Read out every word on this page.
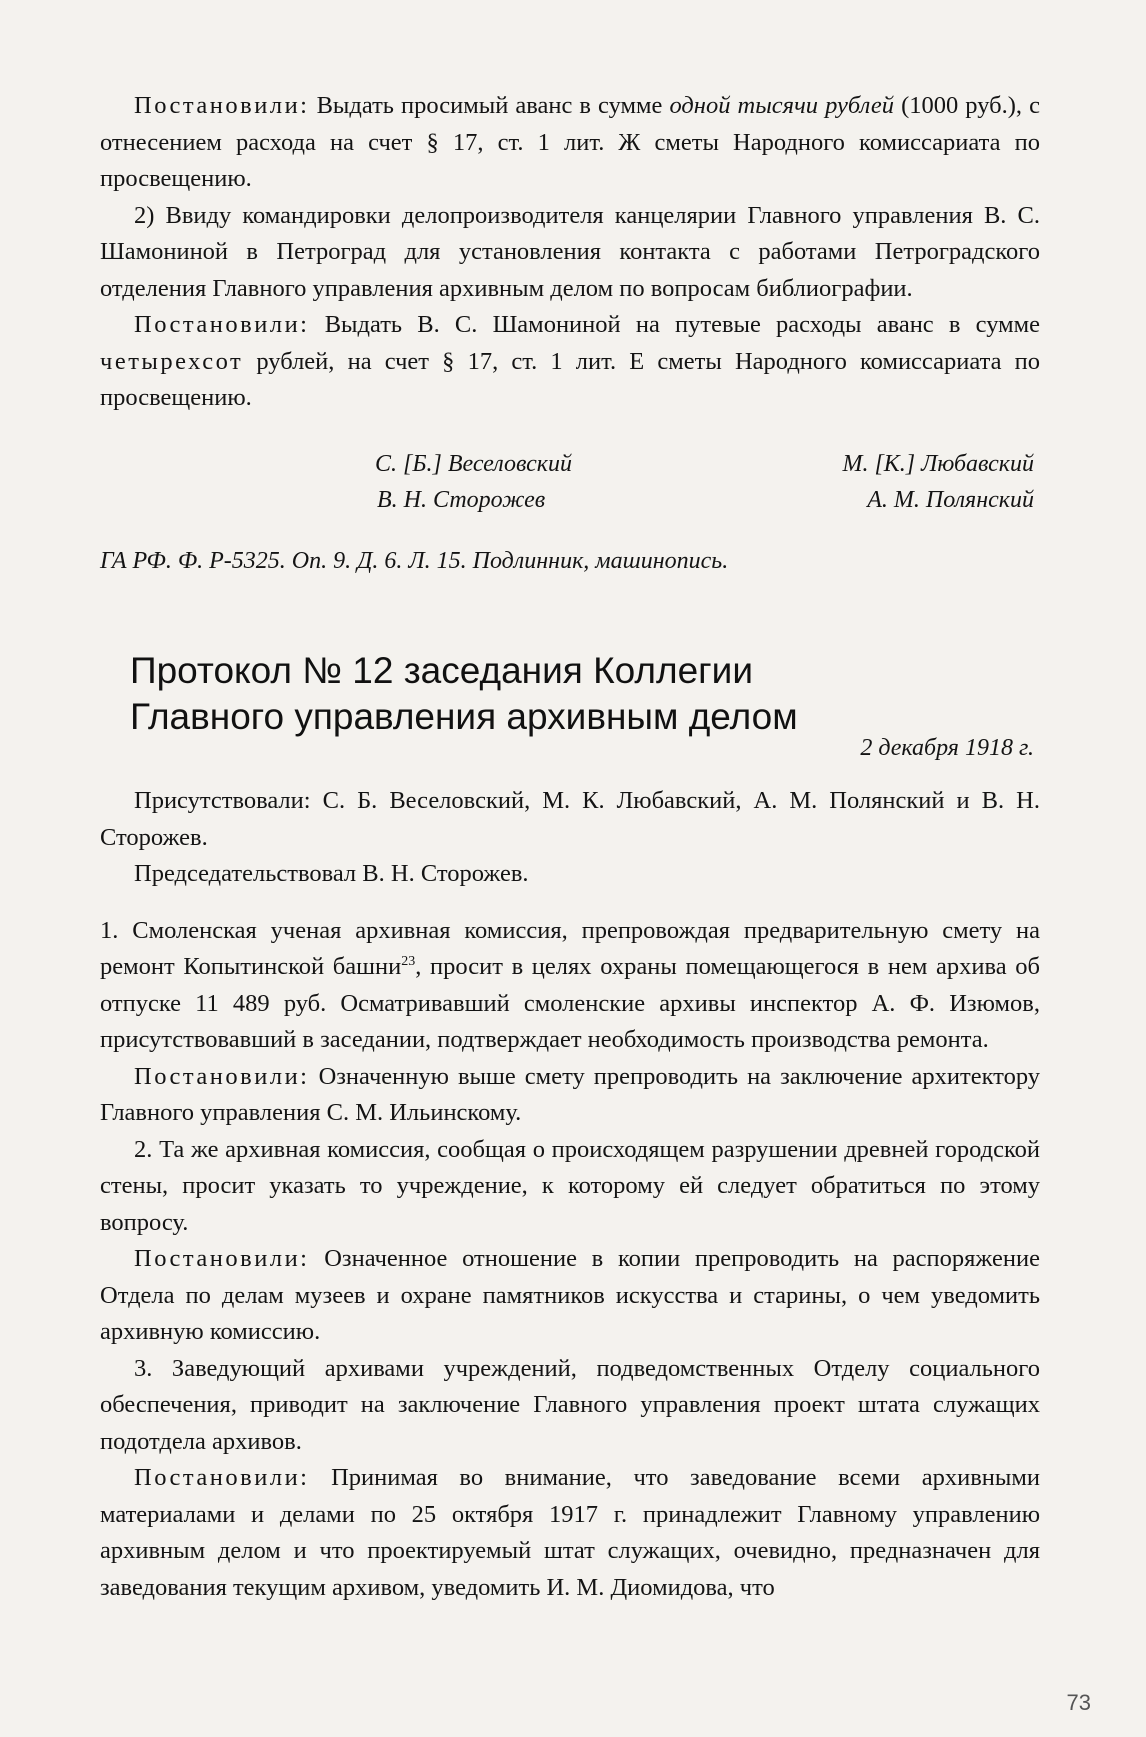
Постановили: Выдать просимый аванс в сумме одной тысячи рублей (1000 руб.), с отнесением расхода на счет § 17, ст. 1 лит. Ж сметы Народного комиссариата по просвещению.

2) Ввиду командировки делопроизводителя канцелярии Главного управления В. С. Шамониной в Петроград для установления контакта с работами Петроградского отделения Главного управления архивным делом по вопросам библиографии.

Постановили: Выдать В. С. Шамониной на путевые расходы аванс в сумме четырехсот рублей, на счет § 17, ст. 1 лит. Е сметы Народного комиссариата по просвещению.

С. [Б.] Веселовский	М. [К.] Любавский
В. Н. Сторожев	А. М. Полянский
ГА РФ. Ф. Р-5325. Оп. 9. Д. 6. Л. 15. Подлинник, машинопись.
Протокол № 12 заседания Коллегии
Главного управления архивным делом
2 декабря 1918 г.

Присутствовали: С. Б. Веселовский, М. К. Любавский, А. М. Полянский и В. Н. Сторожев.

Председательствовал В. Н. Сторожев.

1. Смоленская ученая архивная комиссия, препровождая предварительную смету на ремонт Копытинской башни$^{23}$, просит в целях охраны помещающегося в нем архива об отпуске 11 489 руб. Осматривавший смоленские архивы инспектор А. Ф. Изюмов, присутствовавший в заседании, подтверждает необходимость производства ремонта.

Постановили: Означенную выше смету препроводить на заключение архитектору Главного управления С. М. Ильинскому.

2. Та же архивная комиссия, сообщая о происходящем разрушении древней городской стены, просит указать то учреждение, к которому ей следует обратиться по этому вопросу.

Постановили: Означенное отношение в копии препроводить на распоряжение Отдела по делам музеев и охране памятников искусства и старины, о чем уведомить архивную комиссию.

3. Заведующий архивами учреждений, подведомственных Отделу социального обеспечения, приводит на заключение Главного управления проект штата служащих подотдела архивов.

Постановили: Принимая во внимание, что заведование всеми архивными материалами и делами по 25 октября 1917 г. принадлежит Главному управлению архивным делом и что проектируемый штат служащих, очевидно, предназначен для заведования текущим архивом, уведомить И. М. Диомидова, что

73
